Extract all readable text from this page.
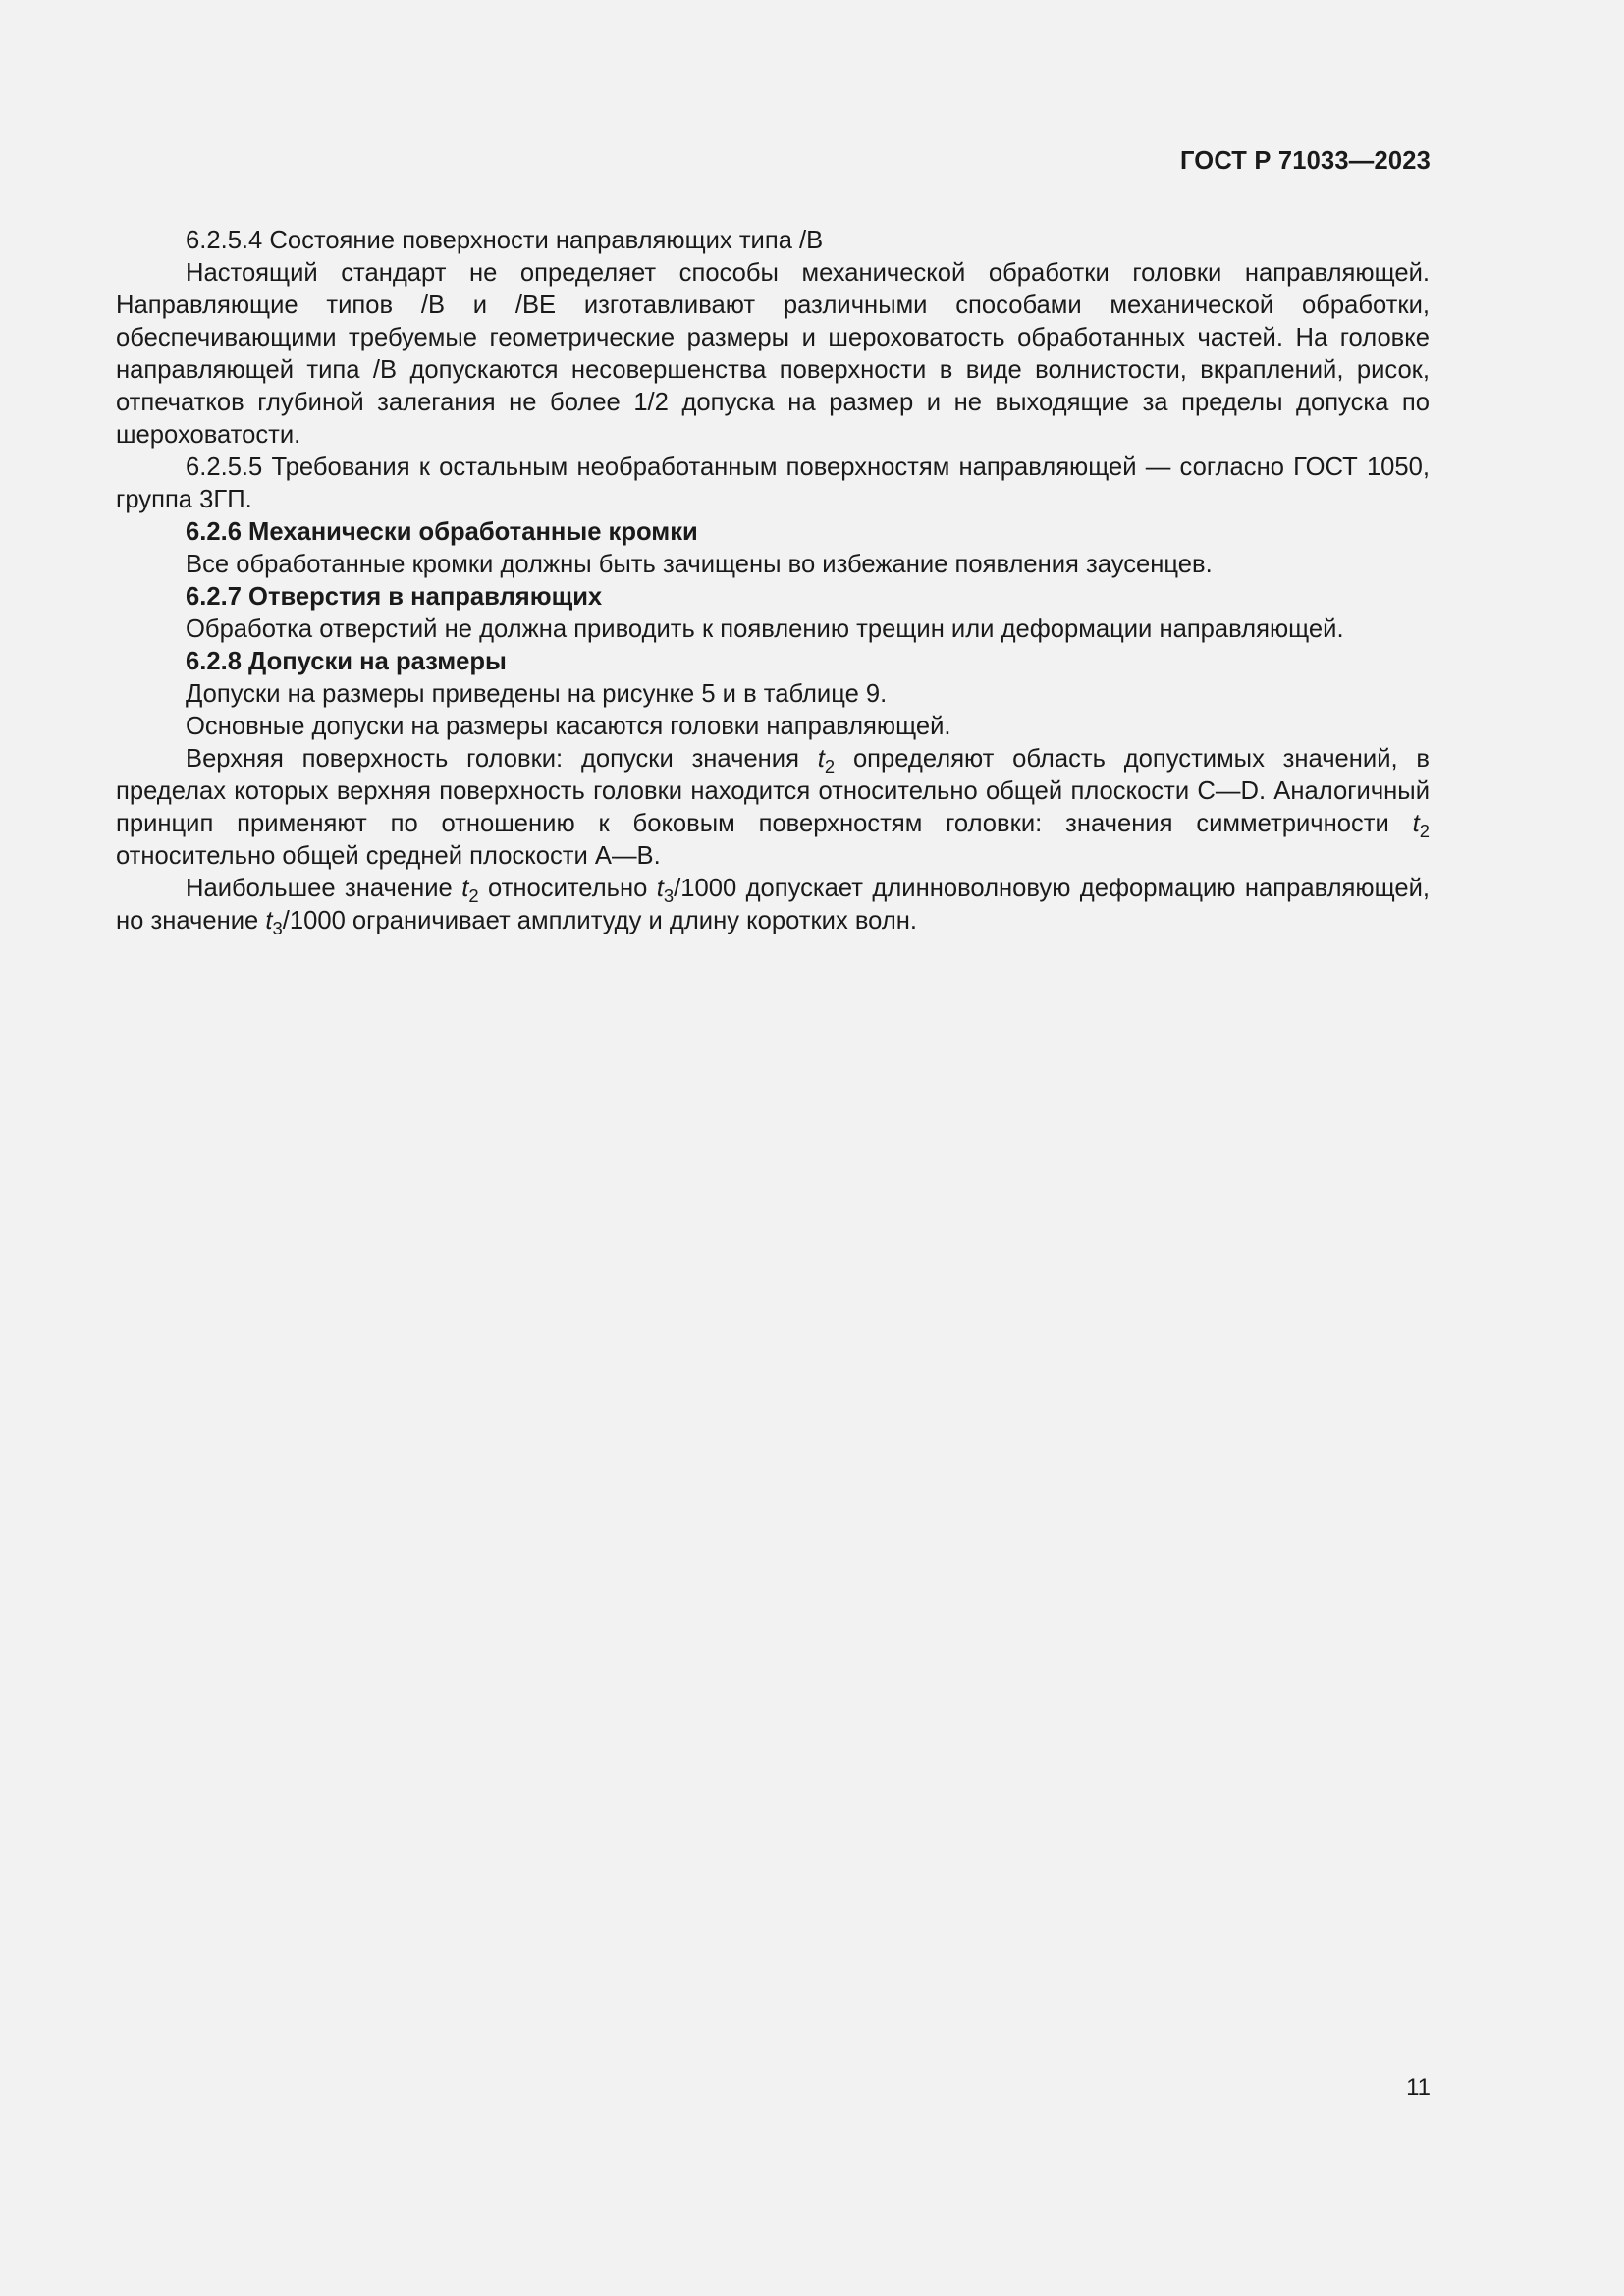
ГОСТ Р 71033—2023

6.2.5.4 Состояние поверхности направляющих типа /В

Настоящий стандарт не определяет способы механической обработки головки направляющей. Направляющие типов /В и /ВЕ изготавливают различными способами механической обработки, обеспечивающими требуемые геометрические размеры и шероховатость обработанных частей. На головке направляющей типа /В допускаются несовершенства поверхности в виде волнистости, вкраплений, рисок, отпечатков глубиной залегания не более 1/2 допуска на размер и не выходящие за пределы допуска по шероховатости.

6.2.5.5 Требования к остальным необработанным поверхностям направляющей — согласно ГОСТ 1050, группа 3ГП.

6.2.6 Механически обработанные кромки

Все обработанные кромки должны быть зачищены во избежание появления заусенцев.

6.2.7 Отверстия в направляющих

Обработка отверстий не должна приводить к появлению трещин или деформации направляющей.

6.2.8 Допуски на размеры

Допуски на размеры приведены на рисунке 5 и в таблице 9.

Основные допуски на размеры касаются головки направляющей.

Верхняя поверхность головки: допуски значения $t_2$ определяют область допустимых значений, в пределах которых верхняя поверхность головки находится относительно общей плоскости С—D. Аналогичный принцип применяют по отношению к боковым поверхностям головки: значения симметричности $t_2$ относительно общей средней плоскости А—В.

Наибольшее значение $t_2$ относительно $t_3/1000$ допускает длинноволновую деформацию направляющей, но значение $t_3/1000$ ограничивает амплитуду и длину коротких волн.

11
